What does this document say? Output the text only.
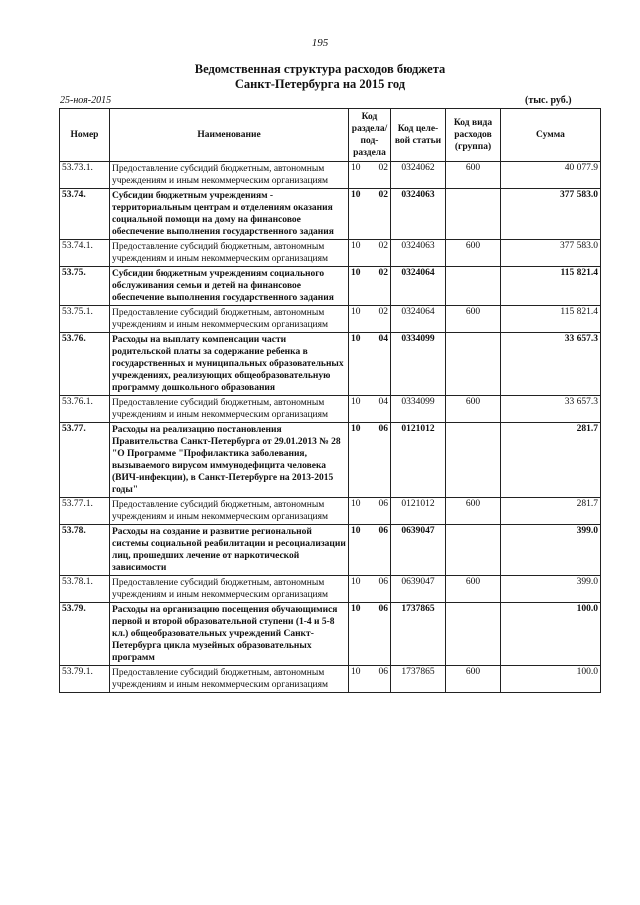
195
Ведомственная структура расходов бюджета
Санкт-Петербурга на 2015 год
25-ноя-2015	(тыс. руб.)
Номер	Наименование	Код раздела/ под- раздела	Код целе- вой статьи	Код вида расходов (группа)	Сумма
53.73.1.	Предоставление субсидий бюджетным, автономным учреждениям и иным некоммерческим организациям	10 02	0324062	600	40 077.9
53.74.	Субсидии бюджетным учреждениям - территориальным центрам и отделениям оказания социальной помощи на дому на финансовое обеспечение выполнения государственного задания	10 02	0324063		377 583.0
53.74.1.	Предоставление субсидий бюджетным, автономным учреждениям и иным некоммерческим организациям	10 02	0324063	600	377 583.0
53.75.	Субсидии бюджетным учреждениям социального обслуживания семьи и детей на финансовое обеспечение выполнения государственного задания	10 02	0324064		115 821.4
53.75.1.	Предоставление субсидий бюджетным, автономным учреждениям и иным некоммерческим организациям	10 02	0324064	600	115 821.4
53.76.	Расходы на выплату компенсации части родительской платы за содержание ребенка в государственных и муниципальных образовательных учреждениях, реализующих общеобразовательную программу дошкольного образования	10 04	0334099		33 657.3
53.76.1.	Предоставление субсидий бюджетным, автономным учреждениям и иным некоммерческим организациям	10 04	0334099	600	33 657.3
53.77.	Расходы на реализацию постановления Правительства Санкт-Петербурга от 29.01.2013 № 28 "О Программе "Профилактика заболевания, вызываемого вирусом иммунодефицита человека (ВИЧ-инфекции), в Санкт-Петербурге на 2013-2015 годы"	10 06	0121012		281.7
53.77.1.	Предоставление субсидий бюджетным, автономным учреждениям и иным некоммерческим организациям	10 06	0121012	600	281.7
53.78.	Расходы на создание и развитие региональной системы социальной реабилитации и ресоциализации лиц, прошедших лечение от наркотической зависимости	10 06	0639047		399.0
53.78.1.	Предоставление субсидий бюджетным, автономным учреждениям и иным некоммерческим организациям	10 06	0639047	600	399.0
53.79.	Расходы на организацию посещения обучающимися первой и второй образовательной ступени (1-4 и 5-8 кл.) общеобразовательных учреждений Санкт-Петербурга цикла музейных образовательных программ	10 06	1737865		100.0
53.79.1.	Предоставление субсидий бюджетным, автономным учреждениям и иным некоммерческим организациям	10 06	1737865	600	100.0
